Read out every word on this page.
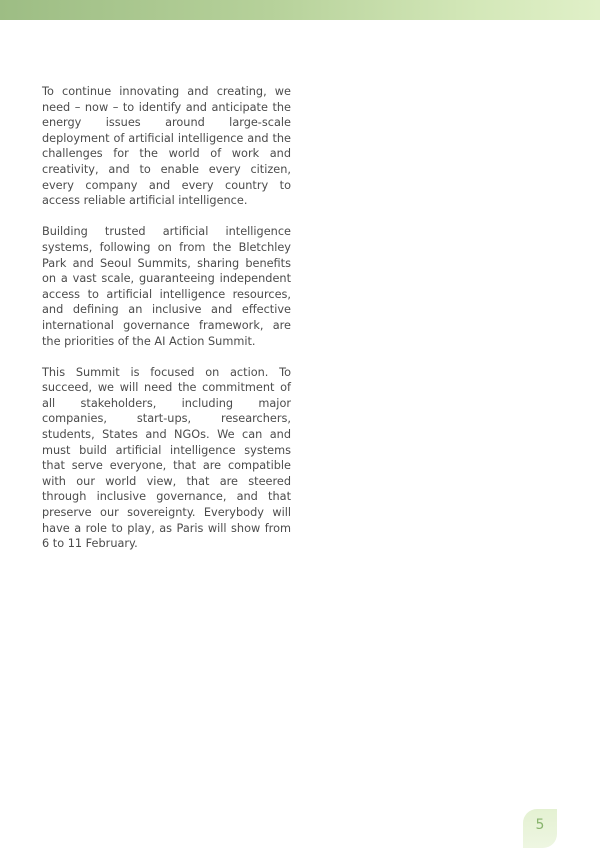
To continue innovating and creating, we need – now – to identify and anticipate the energy issues around large-scale deployment of artificial intelligence and the challenges for the world of work and creativity, and to enable every citizen, every company and every country to access reliable artificial intelligence.

Building trusted artificial intelligence systems, following on from the Bletchley Park and Seoul Summits, sharing benefits on a vast scale, guaranteeing independent access to artificial intelligence resources, and defining an inclusive and effective international governance framework, are the priorities of the AI Action Summit.

This Summit is focused on action. To succeed, we will need the commitment of all stakeholders, including major companies, start-ups, researchers, students, States and NGOs. We can and must build artificial intelligence systems that serve everyone, that are compatible with our world view, that are steered through inclusive governance, and that preserve our sovereignty. Everybody will have a role to play, as Paris will show from 6 to 11 February.

5
